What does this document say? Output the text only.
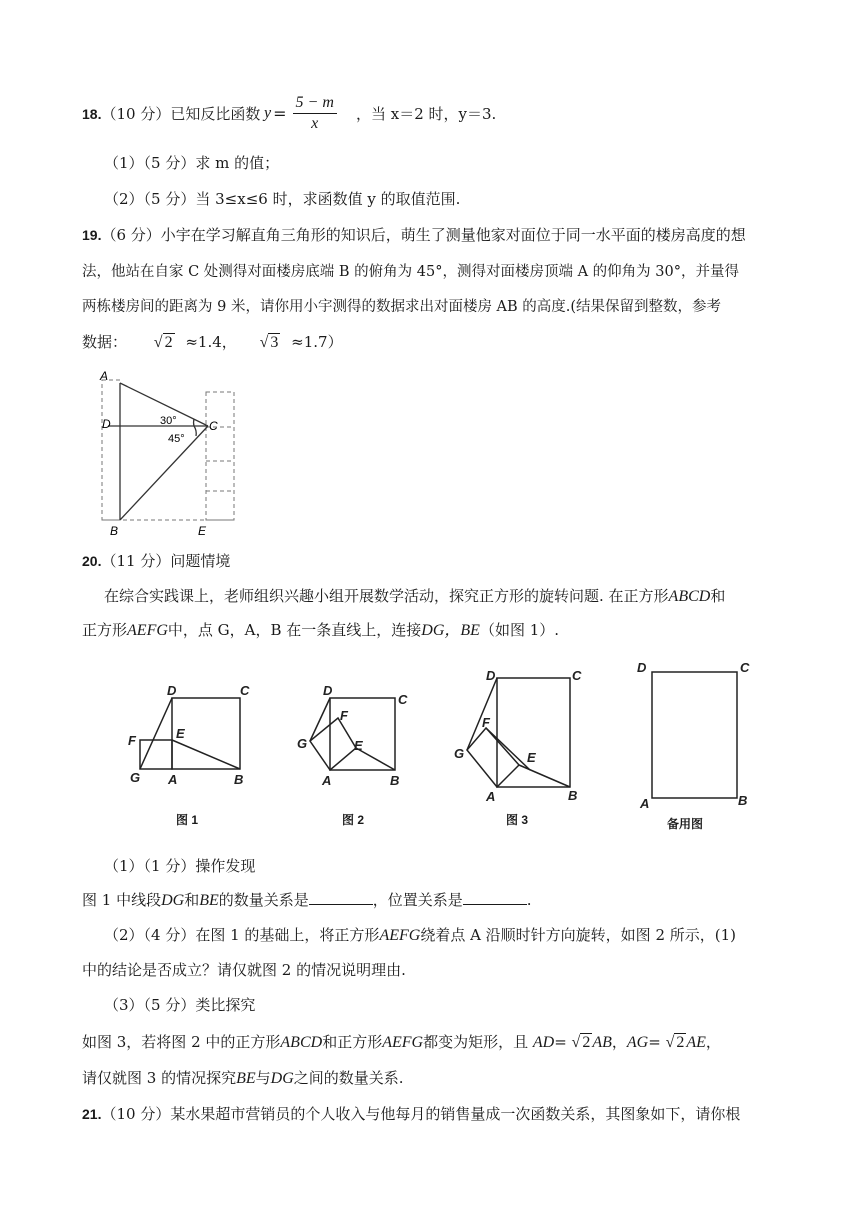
18.（10 分）已知反比函数 $y = \frac{5 - m}{x}$ ，当 x＝2 时，y＝3.
（1）（5 分）求 m 的值；
（2）（5 分）当 3≤x≤6 时，求函数值 y 的取值范围.
19.（6 分）小宇在学习解直角三角形的知识后，萌生了测量他家对面位于同一水平面的楼房高度的想
法，他站在自家 C 处测得对面楼房底端 B 的俯角为 45°，测得对面楼房顶端 A 的仰角为 30°，并量得
两栋楼房间的距离为 9 米，请你用小宇测得的数据求出对面楼房 AB 的高度.(结果保留到整数，参考
数据： √ 2 ≈1.4， √ 3 ≈1.7）
A
D	C
B	E
30°
45°
20.（11 分）问题情境
在综合实践课上，老师组织兴趣小组开展数学活动，探究正方形的旋转问题. 在正方形ABCD和
正方形AEFG中，点 G，A，B 在一条直线上，连接DG，BE（如图 1）.
D	C
F	E
G A	B
D
C
F
E
G
A	B
D	C
F
E
G
A	B
D	C
A	B
图 1	图 2	图 3	备用图
（1）（1 分）操作发现
图 1 中线段DG和BE的数量关系是	，位置关系是	.
（2）（4 分）在图 1 的基础上，将正方形AEFG绕着点 A 沿顺时针方向旋转，如图 2 所示，(1)
中的结论是否成立？请仅就图 2 的情况说明理由.
（3）（5 分）类比探究
如图 3，若将图 2 中的正方形ABCD和正方形AEFG都变为矩形，且 AD= √ 2 AB，AG= √ 2 AE，
请仅就图 3 的情况探究BE与DG之间的数量关系.
21.（10 分）某水果超市营销员的个人收入与他每月的销售量成一次函数关系，其图象如下，请你根
